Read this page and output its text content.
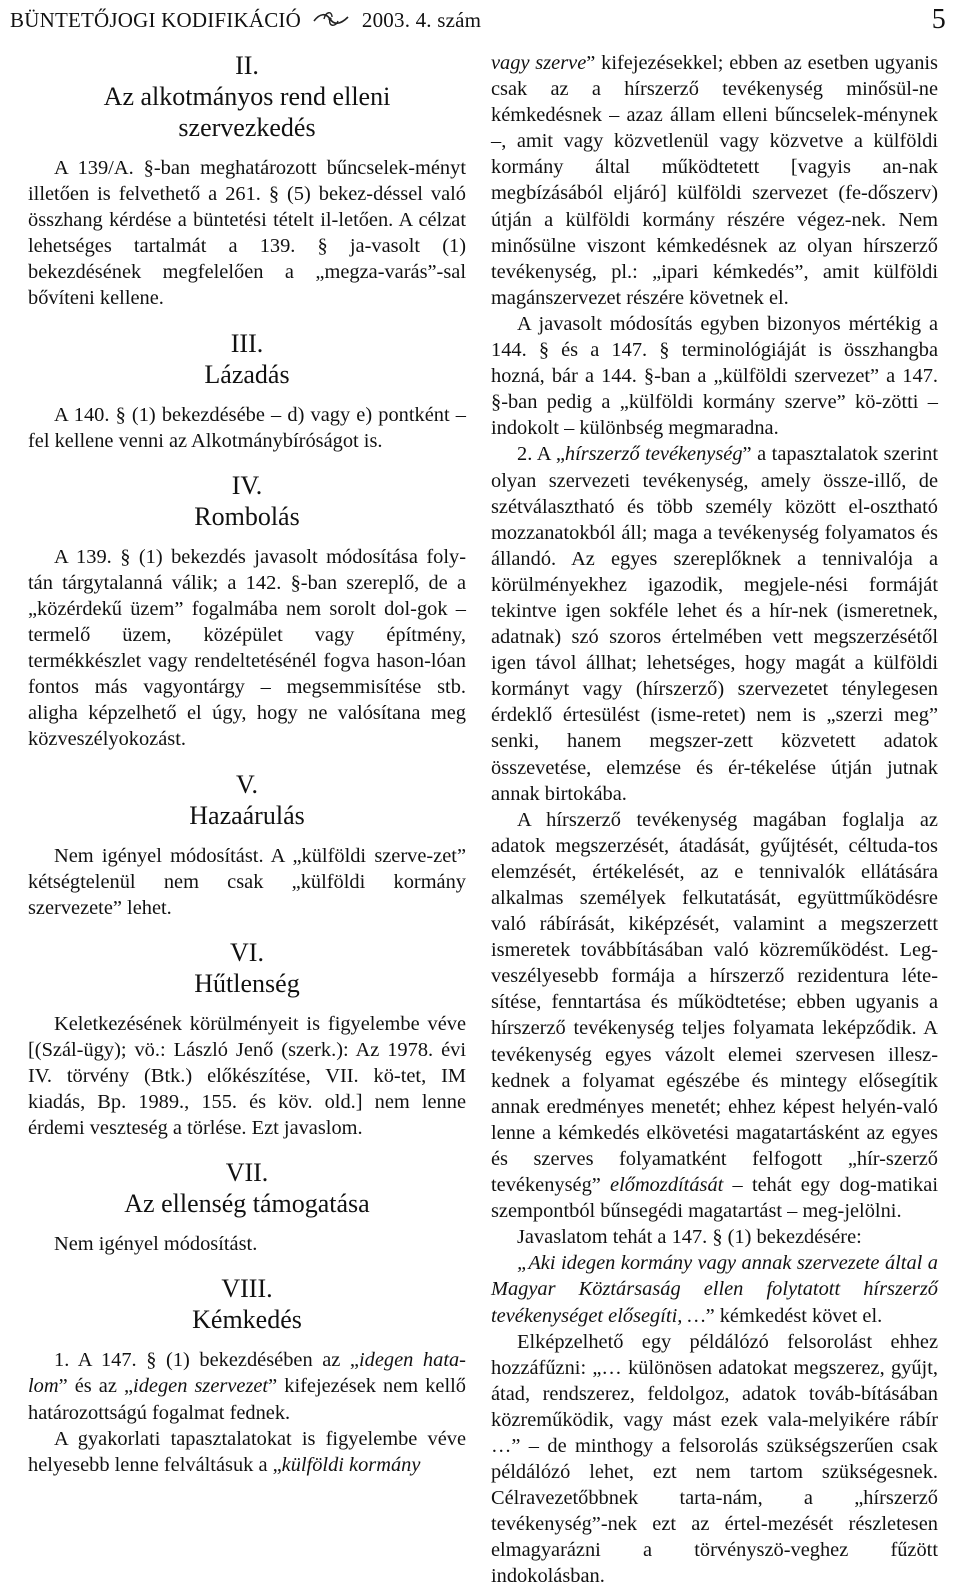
BÜNTETŐJOGI KODIFIKÁCIÓ	2003. 4. szám	5
II.
Az alkotmányos rend elleni
szervezkedés

A 139/A. §-ban meghatározott bűncselek-ményt illetően is felvethető a 261. § (5) bekez-déssel való összhang kérdése a büntetési tételt il-letően. A célzat lehetséges tartalmát a 139. § ja-vasolt (1) bekezdésének megfelelően a „megza-varás”-sal bővíteni kellene.

III.
Lázadás

A 140. § (1) bekezdésébe – d) vagy e) pontként – fel kellene venni az Alkotmánybíróságot is.

IV.
Rombolás

A 139. § (1) bekezdés javasolt módosítása foly-tán tárgytalanná válik; a 142. §-ban szereplő, de a „közérdekű üzem” fogalmába nem sorolt dol-gok – termelő üzem, középület vagy építmény, termékkészlet vagy rendeltetésénél fogva hason-lóan fontos más vagyontárgy – megsemmisítése stb. aligha képzelhető el úgy, hogy ne valósítana meg közveszélyokozást.

V.
Hazaárulás

Nem igényel módosítást. A „külföldi szerve-zet” kétségtelenül nem csak „külföldi kormány szervezete” lehet.

VI.
Hűtlenség

Keletkezésének körülményeit is figyelembe véve [(Szál-ügy); vö.: László Jenő (szerk.): Az 1978. évi IV. törvény (Btk.) előkészítése, VII. kö-tet, IM kiadás, Bp. 1989., 155. és köv. old.] nem lenne érdemi veszteség a törlése. Ezt javaslom.

VII.
Az ellenség támogatása

Nem igényel módosítást.

VIII.
Kémkedés

1. A 147. § (1) bekezdésében az „idegen hata-lom” és az „idegen szervezet” kifejezések nem kellő határozottságú fogalmat fednek.

A gyakorlati tapasztalatokat is figyelembe véve helyesebb lenne felváltásuk a „külföldi kormány

vagy szerve” kifejezésekkel; ebben az esetben ugyanis csak az a hírszerző tevékenység minősül-ne kémkedésnek – azaz állam elleni bűncselek-ménynek –, amit vagy közvetlenül vagy közvetve a külföldi kormány által működtetett [vagyis an-nak megbízásából eljáró] külföldi szervezet (fe-dőszerv) útján a külföldi kormány részére végez-nek. Nem minősülne viszont kémkedésnek az olyan hírszerző tevékenység, pl.: „ipari kémkedés”, amit külföldi magánszervezet részére követnek el.

A javasolt módosítás egyben bizonyos mértékig a 144. § és a 147. § terminológiáját is összhangba hozná, bár a 144. §-ban a „külföldi szervezet” a 147. §-ban pedig a „külföldi kormány szerve” kö-zötti – indokolt – különbség megmaradna.

2. A „hírszerző tevékenység” a tapasztalatok szerint olyan szervezeti tevékenység, amely össze-illő, de szétválasztható és több személy között el-osztható mozzanatokból áll; maga a tevékenység folyamatos és állandó. Az egyes szereplőknek a tennivalója a körülményekhez igazodik, megjele-nési formáját tekintve igen sokféle lehet és a hír-nek (ismeretnek, adatnak) szó szoros értelmében vett megszerzésétől igen távol állhat; lehetséges, hogy magát a külföldi kormányt vagy (hírszerző) szervezetet ténylegesen érdeklő értesülést (isme-retet) nem is „szerzi meg” senki, hanem megszer-zett közvetett adatok összevetése, elemzése és ér-tékelése útján jutnak annak birtokába.

A hírszerző tevékenység magában foglalja az adatok megszerzését, átadását, gyűjtését, céltuda-tos elemzését, értékelését, az e tennivalók ellátására alkalmas személyek felkutatását, együttműködésre való rábírását, kiképzését, valamint a megszerzett ismeretek továbbításában való közreműködést. Leg-veszélyesebb formája a hírszerző rezidentura léte-sítése, fenntartása és működtetése; ebben ugyanis a hírszerző tevékenység teljes folyamata leképződik. A tevékenység egyes vázolt elemei szervesen illesz-kednek a folyamat egészébe és mintegy elősegítik annak eredményes menetét; ehhez képest helyén-való lenne a kémkedés elkövetési magatartásként az egyes és szerves folyamatként felfogott „hír-szerző tevékenység” előmozdítását – tehát egy dog-matikai szempontból bűnsegédi magatartást – meg-jelölni.

Javaslatom tehát a 147. § (1) bekezdésére:

„Aki idegen kormány vagy annak szervezete által a Magyar Köztársaság ellen folytatott hírszerző tevékenységet elősegíti, …” kémkedést követ el.

Elképzelhető egy példálózó felsorolást ehhez hozzáfűzni: „… különösen adatokat megszerez, gyűjt, átad, rendszerez, feldolgoz, adatok továb-bításában közreműködik, vagy mást ezek vala-melyikére rábír …” – de minthogy a felsorolás szükségszerűen csak példálózó lehet, ezt nem tartom szükségesnek. Célravezetőbbnek tarta-nám, a „hírszerző tevékenység”-nek ezt az értel-mezését részletesen elmagyarázni a törvényszö-veghez fűzött indokolásban.
